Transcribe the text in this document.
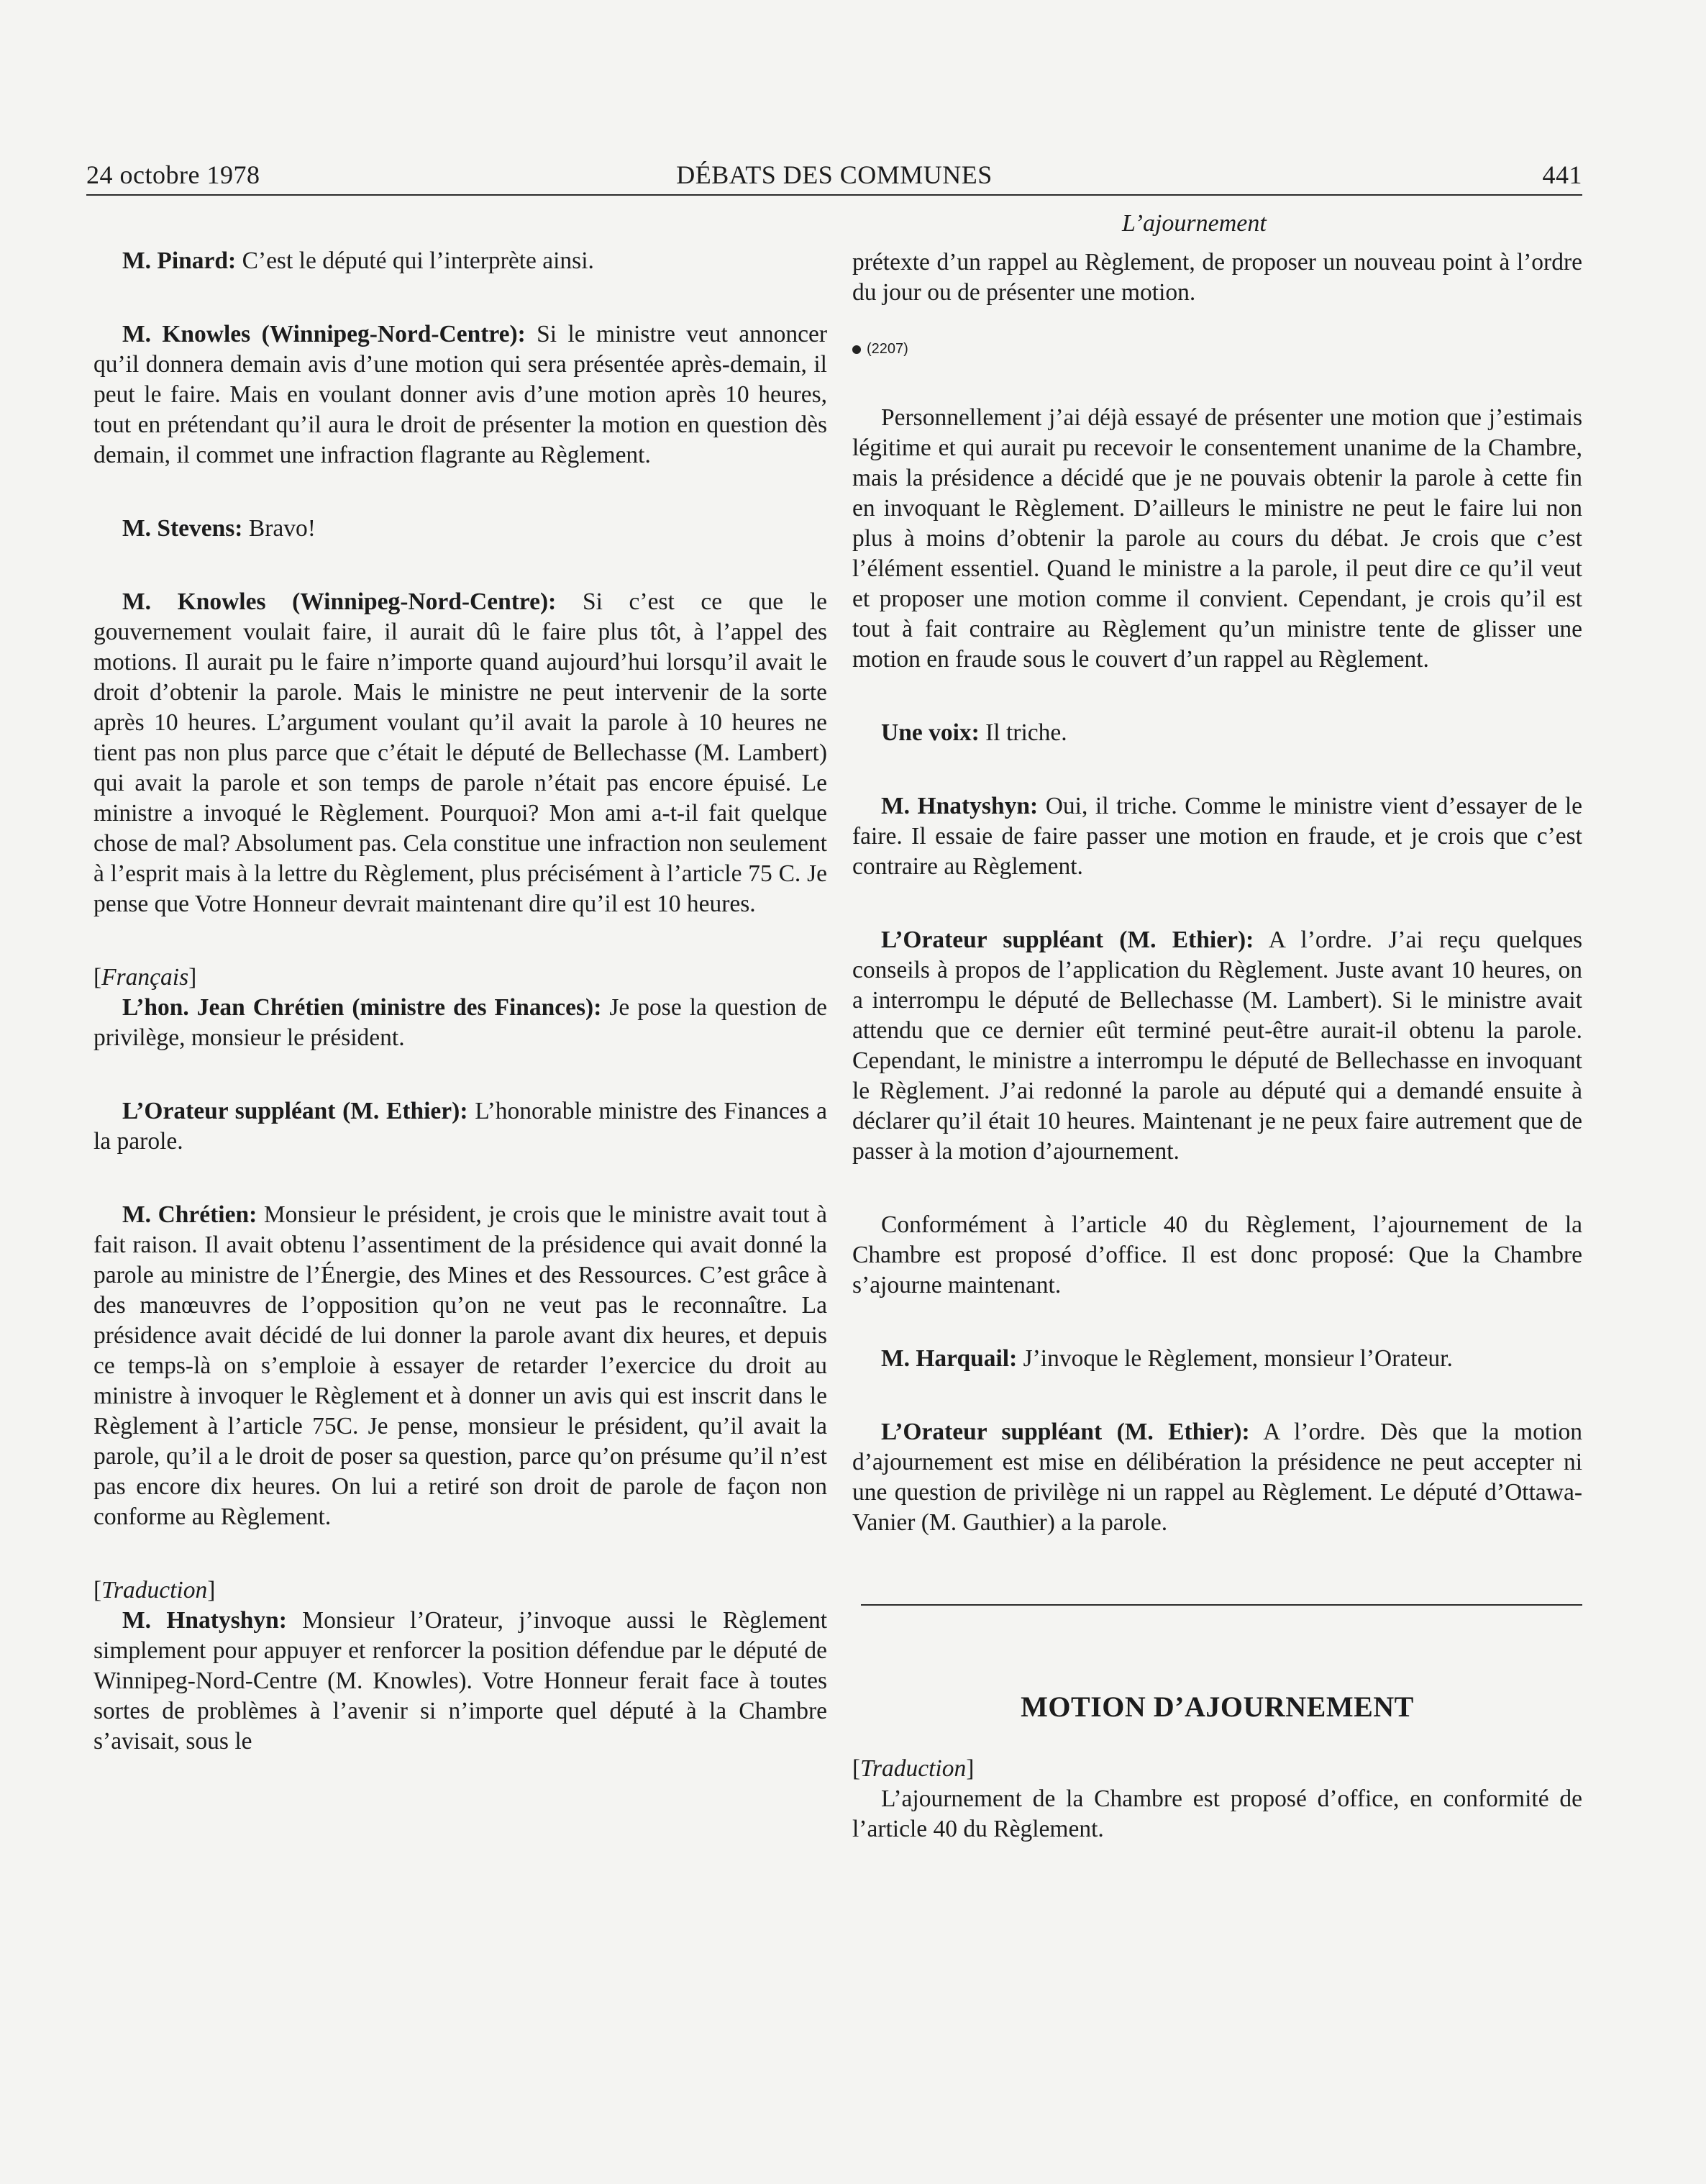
24 octobre 1978	DÉBATS DES COMMUNES	441
L’ajournement

M. Pinard: C’est le député qui l’interprète ainsi.

M. Knowles (Winnipeg-Nord-Centre): Si le ministre veut annoncer qu’il donnera demain avis d’une motion qui sera présentée après-demain, il peut le faire. Mais en voulant donner avis d’une motion après 10 heures, tout en prétendant qu’il aura le droit de présenter la motion en question dès demain, il commet une infraction flagrante au Règlement.

M. Stevens: Bravo!

M. Knowles (Winnipeg-Nord-Centre): Si c’est ce que le gouvernement voulait faire, il aurait dû le faire plus tôt, à l’appel des motions. Il aurait pu le faire n’importe quand aujourd’hui lorsqu’il avait le droit d’obtenir la parole. Mais le ministre ne peut intervenir de la sorte après 10 heures. L’argument voulant qu’il avait la parole à 10 heures ne tient pas non plus parce que c’était le député de Bellechasse (M. Lambert) qui avait la parole et son temps de parole n’était pas encore épuisé. Le ministre a invoqué le Règlement. Pourquoi? Mon ami a-t-il fait quelque chose de mal? Absolument pas. Cela constitue une infraction non seulement à l’esprit mais à la lettre du Règlement, plus précisément à l’article 75 C. Je pense que Votre Honneur devrait maintenant dire qu’il est 10 heures.

[Français]

L’hon. Jean Chrétien (ministre des Finances): Je pose la question de privilège, monsieur le président.

L’Orateur suppléant (M. Ethier): L’honorable ministre des Finances a la parole.

M. Chrétien: Monsieur le président, je crois que le ministre avait tout à fait raison. Il avait obtenu l’assentiment de la présidence qui avait donné la parole au ministre de l’Énergie, des Mines et des Ressources. C’est grâce à des manœuvres de l’opposition qu’on ne veut pas le reconnaître. La présidence avait décidé de lui donner la parole avant dix heures, et depuis ce temps-là on s’emploie à essayer de retarder l’exercice du droit au ministre à invoquer le Règlement et à donner un avis qui est inscrit dans le Règlement à l’article 75C. Je pense, monsieur le président, qu’il avait la parole, qu’il a le droit de poser sa question, parce qu’on présume qu’il n’est pas encore dix heures. On lui a retiré son droit de parole de façon non conforme au Règlement.

[Traduction]

M. Hnatyshyn: Monsieur l’Orateur, j’invoque aussi le Règlement simplement pour appuyer et renforcer la position défendue par le député de Winnipeg-Nord-Centre (M. Knowles). Votre Honneur ferait face à toutes sortes de problèmes à l’avenir si n’importe quel député à la Chambre s’avisait, sous le

prétexte d’un rappel au Règlement, de proposer un nouveau point à l’ordre du jour ou de présenter une motion.

(2207)

Personnellement j’ai déjà essayé de présenter une motion que j’estimais légitime et qui aurait pu recevoir le consentement unanime de la Chambre, mais la présidence a décidé que je ne pouvais obtenir la parole à cette fin en invoquant le Règlement. D’ailleurs le ministre ne peut le faire lui non plus à moins d’obtenir la parole au cours du débat. Je crois que c’est l’élément essentiel. Quand le ministre a la parole, il peut dire ce qu’il veut et proposer une motion comme il convient. Cependant, je crois qu’il est tout à fait contraire au Règlement qu’un ministre tente de glisser une motion en fraude sous le couvert d’un rappel au Règlement.

Une voix: Il triche.

M. Hnatyshyn: Oui, il triche. Comme le ministre vient d’essayer de le faire. Il essaie de faire passer une motion en fraude, et je crois que c’est contraire au Règlement.

L’Orateur suppléant (M. Ethier): A l’ordre. J’ai reçu quelques conseils à propos de l’application du Règlement. Juste avant 10 heures, on a interrompu le député de Bellechasse (M. Lambert). Si le ministre avait attendu que ce dernier eût terminé peut-être aurait-il obtenu la parole. Cependant, le ministre a interrompu le député de Bellechasse en invoquant le Règlement. J’ai redonné la parole au député qui a demandé ensuite à déclarer qu’il était 10 heures. Maintenant je ne peux faire autrement que de passer à la motion d’ajournement.

Conformément à l’article 40 du Règlement, l’ajournement de la Chambre est proposé d’office. Il est donc proposé: Que la Chambre s’ajourne maintenant.

M. Harquail: J’invoque le Règlement, monsieur l’Orateur.

L’Orateur suppléant (M. Ethier): A l’ordre. Dès que la motion d’ajournement est mise en délibération la présidence ne peut accepter ni une question de privilège ni un rappel au Règlement. Le député d’Ottawa-Vanier (M. Gauthier) a la parole.

MOTION D’AJOURNEMENT

[Traduction]

L’ajournement de la Chambre est proposé d’office, en conformité de l’article 40 du Règlement.
